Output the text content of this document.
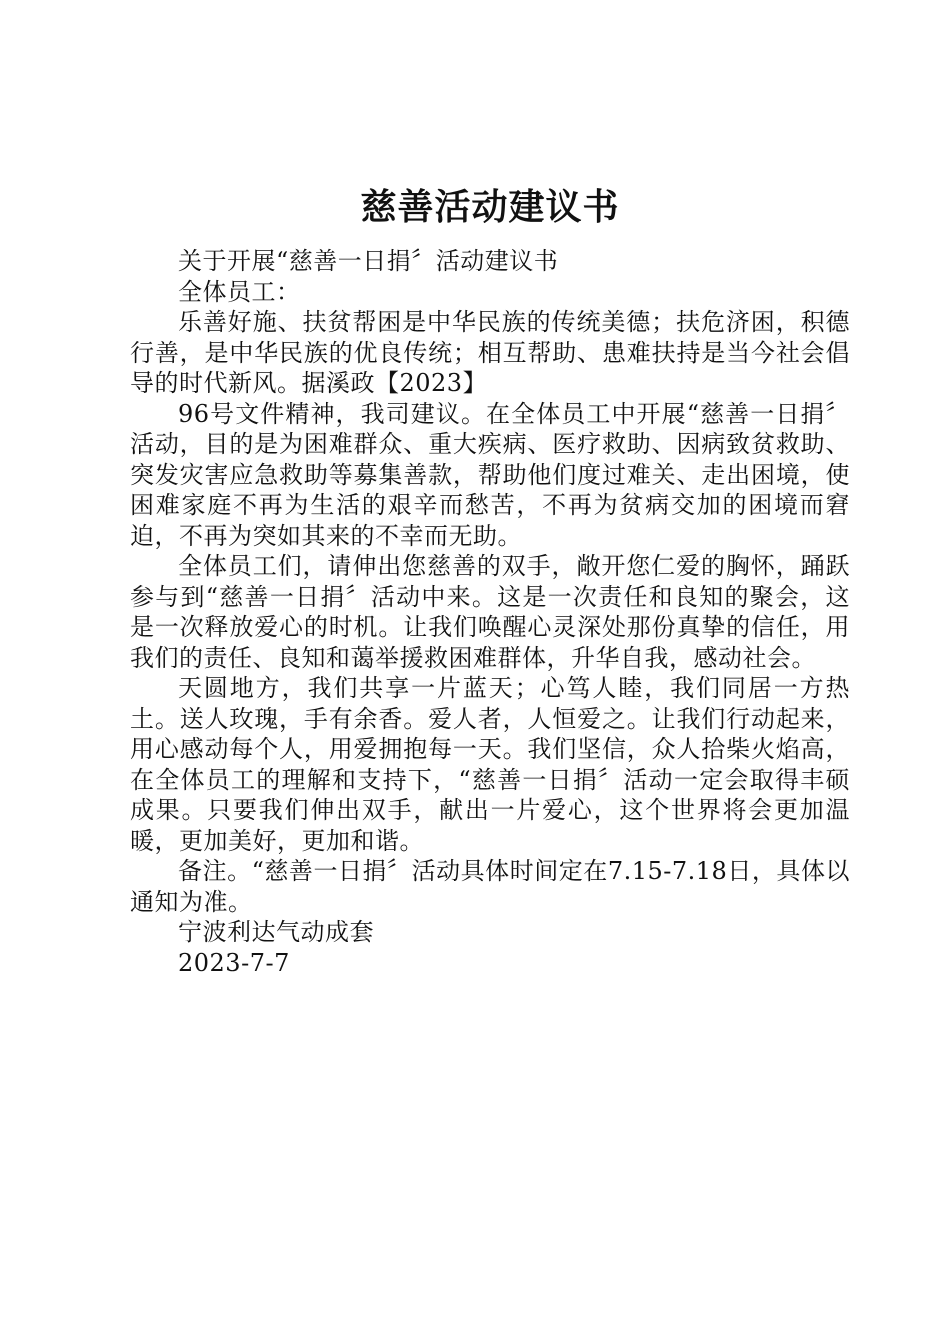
慈善活动建议书

关于开展“慈善一日捐〞活动建议书

全体员工：

乐善好施、扶贫帮困是中华民族的传统美德；扶危济困，积德行善，是中华民族的优良传统；相互帮助、患难扶持是当今社会倡导的时代新风。据溪政【2023】

96号文件精神，我司建议。在全体员工中开展“慈善一日捐〞活动，目的是为困难群众、重大疾病、医疗救助、因病致贫救助、突发灾害应急救助等募集善款，帮助他们度过难关、走出困境，使困难家庭不再为生活的艰辛而愁苦，不再为贫病交加的困境而窘迫，不再为突如其来的不幸而无助。

全体员工们，请伸出您慈善的双手，敞开您仁爱的胸怀，踊跃参与到“慈善一日捐〞活动中来。这是一次责任和良知的聚会，这是一次释放爱心的时机。让我们唤醒心灵深处那份真挚的信任，用我们的责任、良知和蔼举援救困难群体，升华自我，感动社会。

天圆地方，我们共享一片蓝天；心笃人睦，我们同居一方热土。送人玫瑰，手有余香。爱人者，人恒爱之。让我们行动起来，用心感动每个人，用爱拥抱每一天。我们坚信，众人拾柴火焰高，在全体员工的理解和支持下，“慈善一日捐〞活动一定会取得丰硕成果。只要我们伸出双手，献出一片爱心，这个世界将会更加温暖，更加美好，更加和谐。

备注。“慈善一日捐〞活动具体时间定在7.15-7.18日，具体以通知为准。

宁波利达气动成套

2023-7-7
